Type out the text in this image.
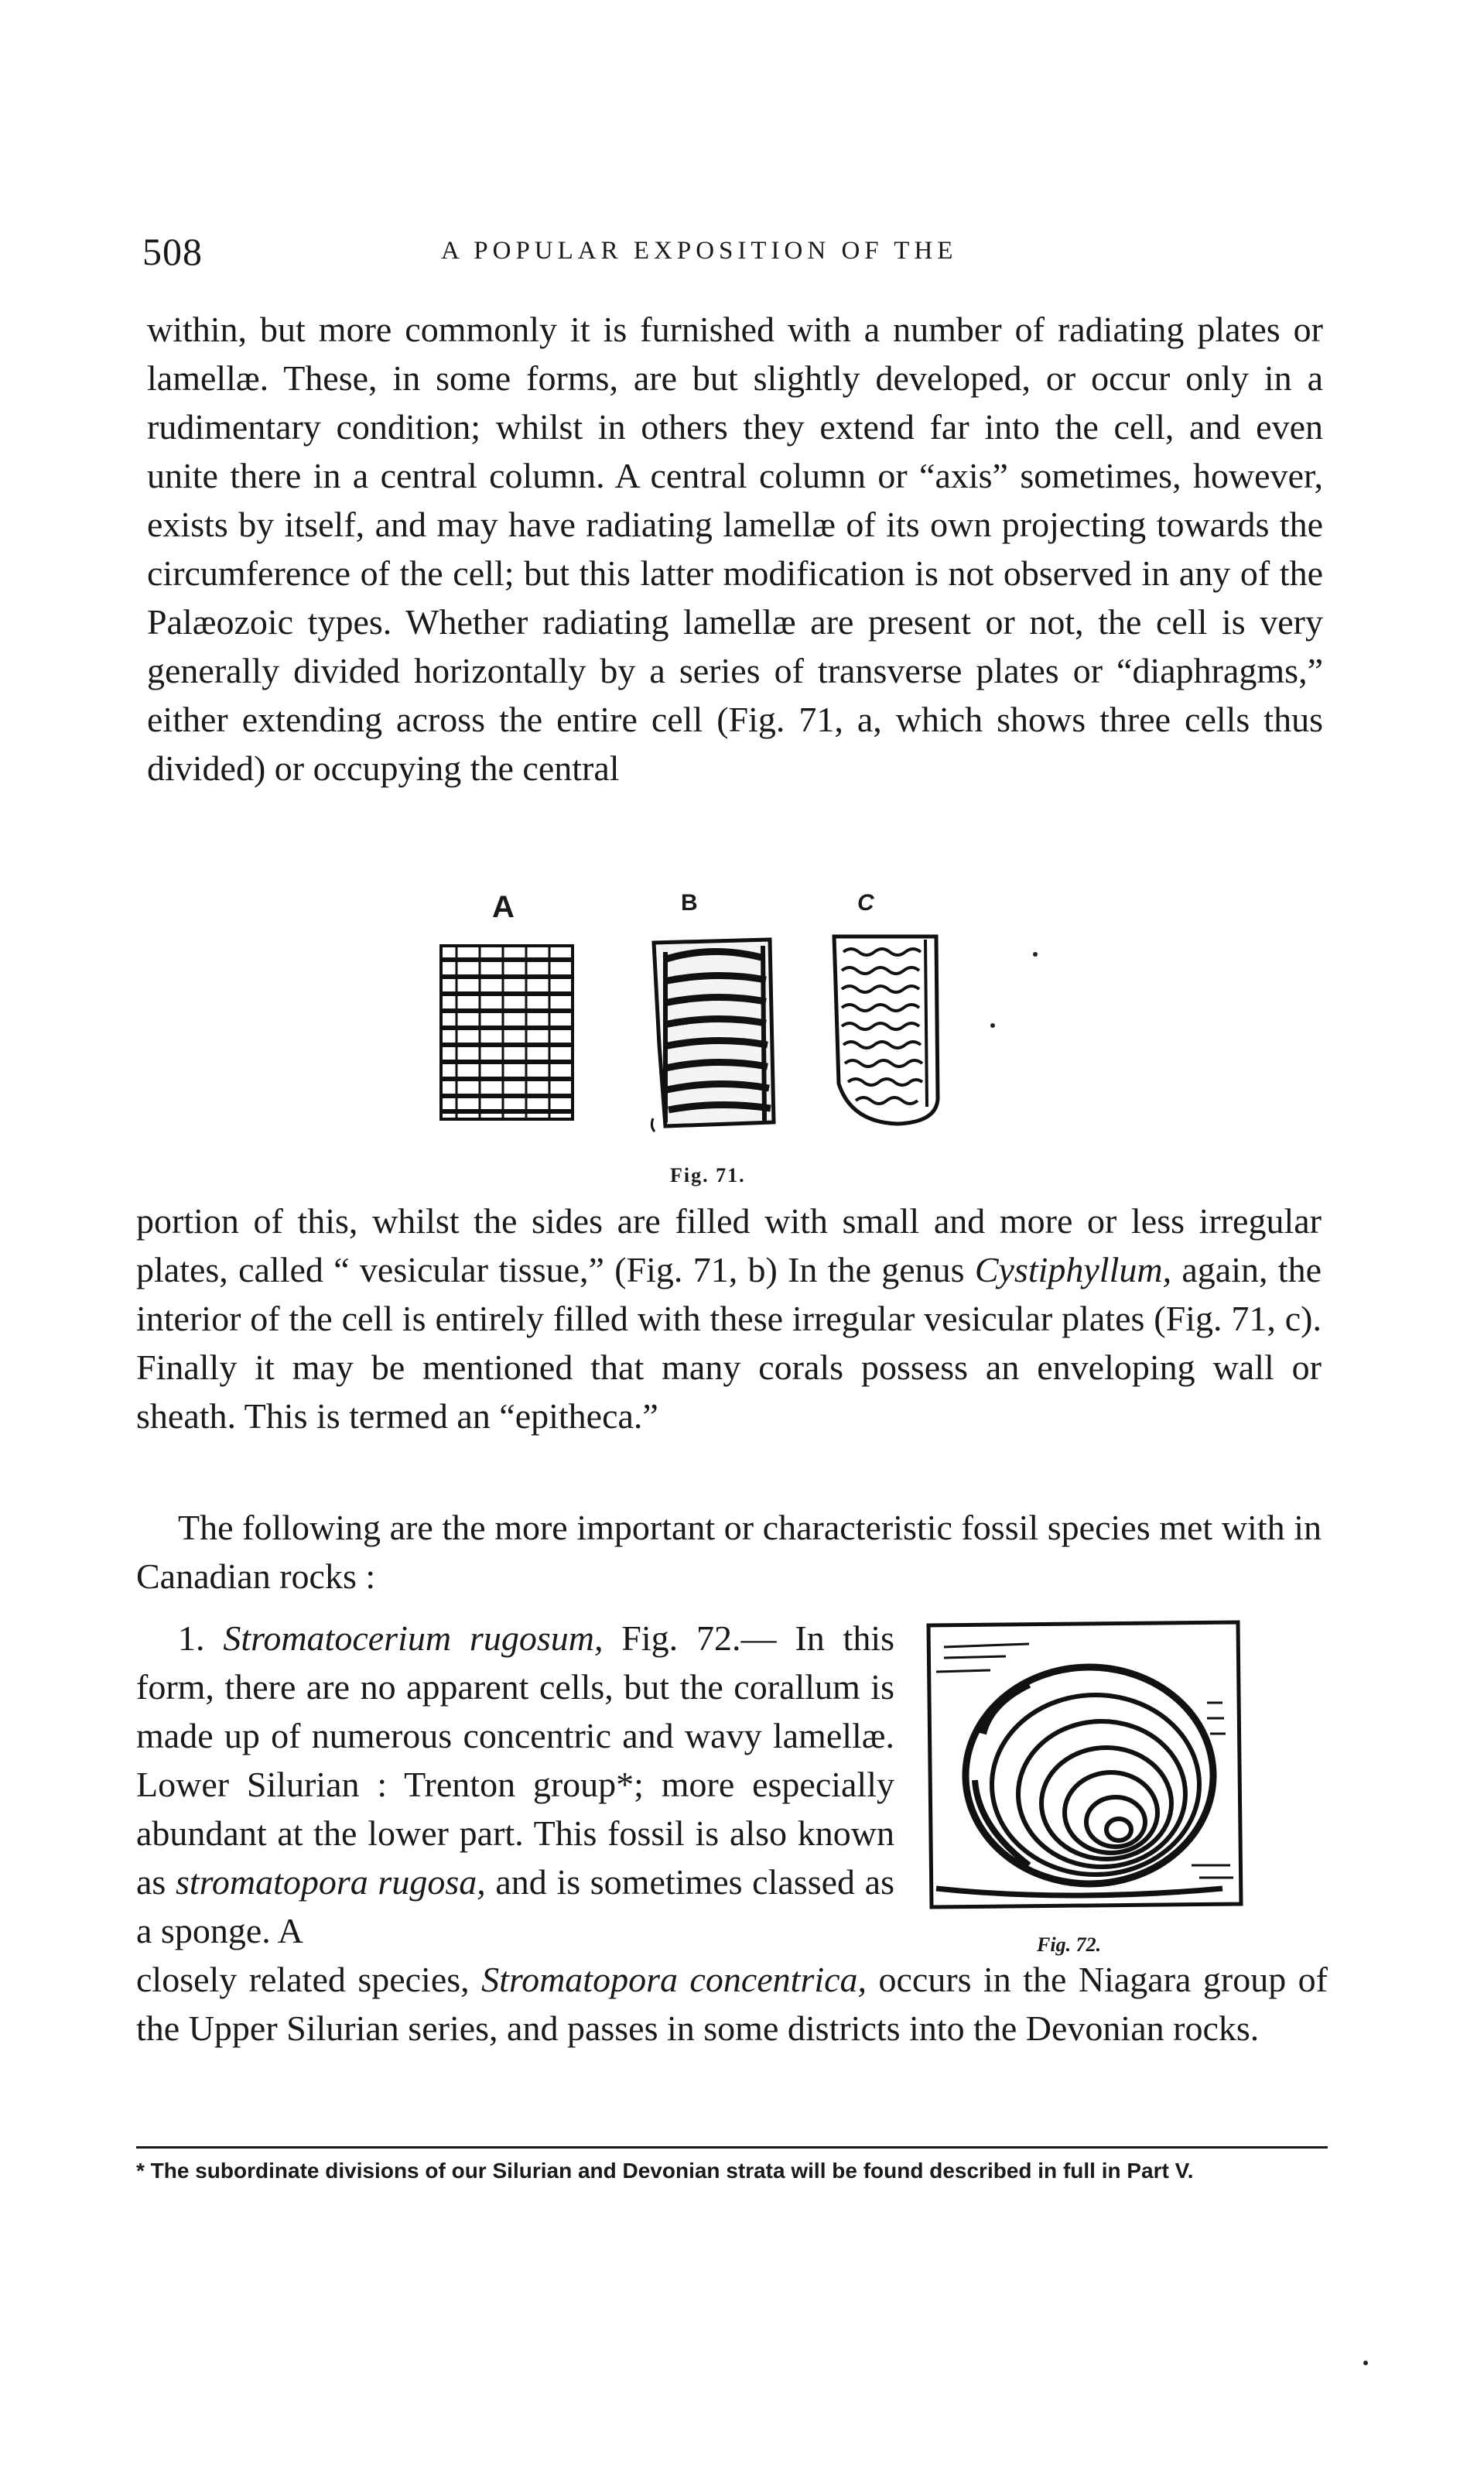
508	A POPULAR EXPOSITION OF THE

within, but more commonly it is furnished with a number of radiating plates or lamellæ. These, in some forms, are but slightly developed, or occur only in a rudimentary condition; whilst in others they extend far into the cell, and even unite there in a central column. A central column or “axis” sometimes, however, exists by itself, and may have radiating lamellæ of its own projecting towards the circumference of the cell; but this latter modification is not observed in any of the Palæozoic types. Whether radiating lamellæ are present or not, the cell is very generally divided horizontally by a series of transverse plates or “diaphragms,” either extending across the entire cell (Fig. 71, a, which shows three cells thus divided) or occupying the central

A	B	C
Fig. 71.

portion of this, whilst the sides are filled with small and more or less irregular plates, called “ vesicular tissue,” (Fig. 71, b) In the genus Cystiphyllum, again, the interior of the cell is entirely filled with these irregular vesicular plates (Fig. 71, c). Finally it may be mentioned that many corals possess an enveloping wall or sheath. This is termed an “epitheca.”

The following are the more important or characteristic fossil species met with in Canadian rocks :

1. Stromatocerium rugosum, Fig. 72.— In this form, there are no apparent cells, but the corallum is made up of numerous concentric and wavy lamellæ. Lower Silurian : Trenton group*; more especially abundant at the lower part. This fossil is also known as stromatopora rugosa, and is sometimes classed as a sponge. A	Fig. 72.

closely related species, Stromatopora concentrica, occurs in the Niagara group of the Upper Silurian series, and passes in some districts into the Devonian rocks.

* The subordinate divisions of our Silurian and Devonian strata will be found described in full in Part V.
